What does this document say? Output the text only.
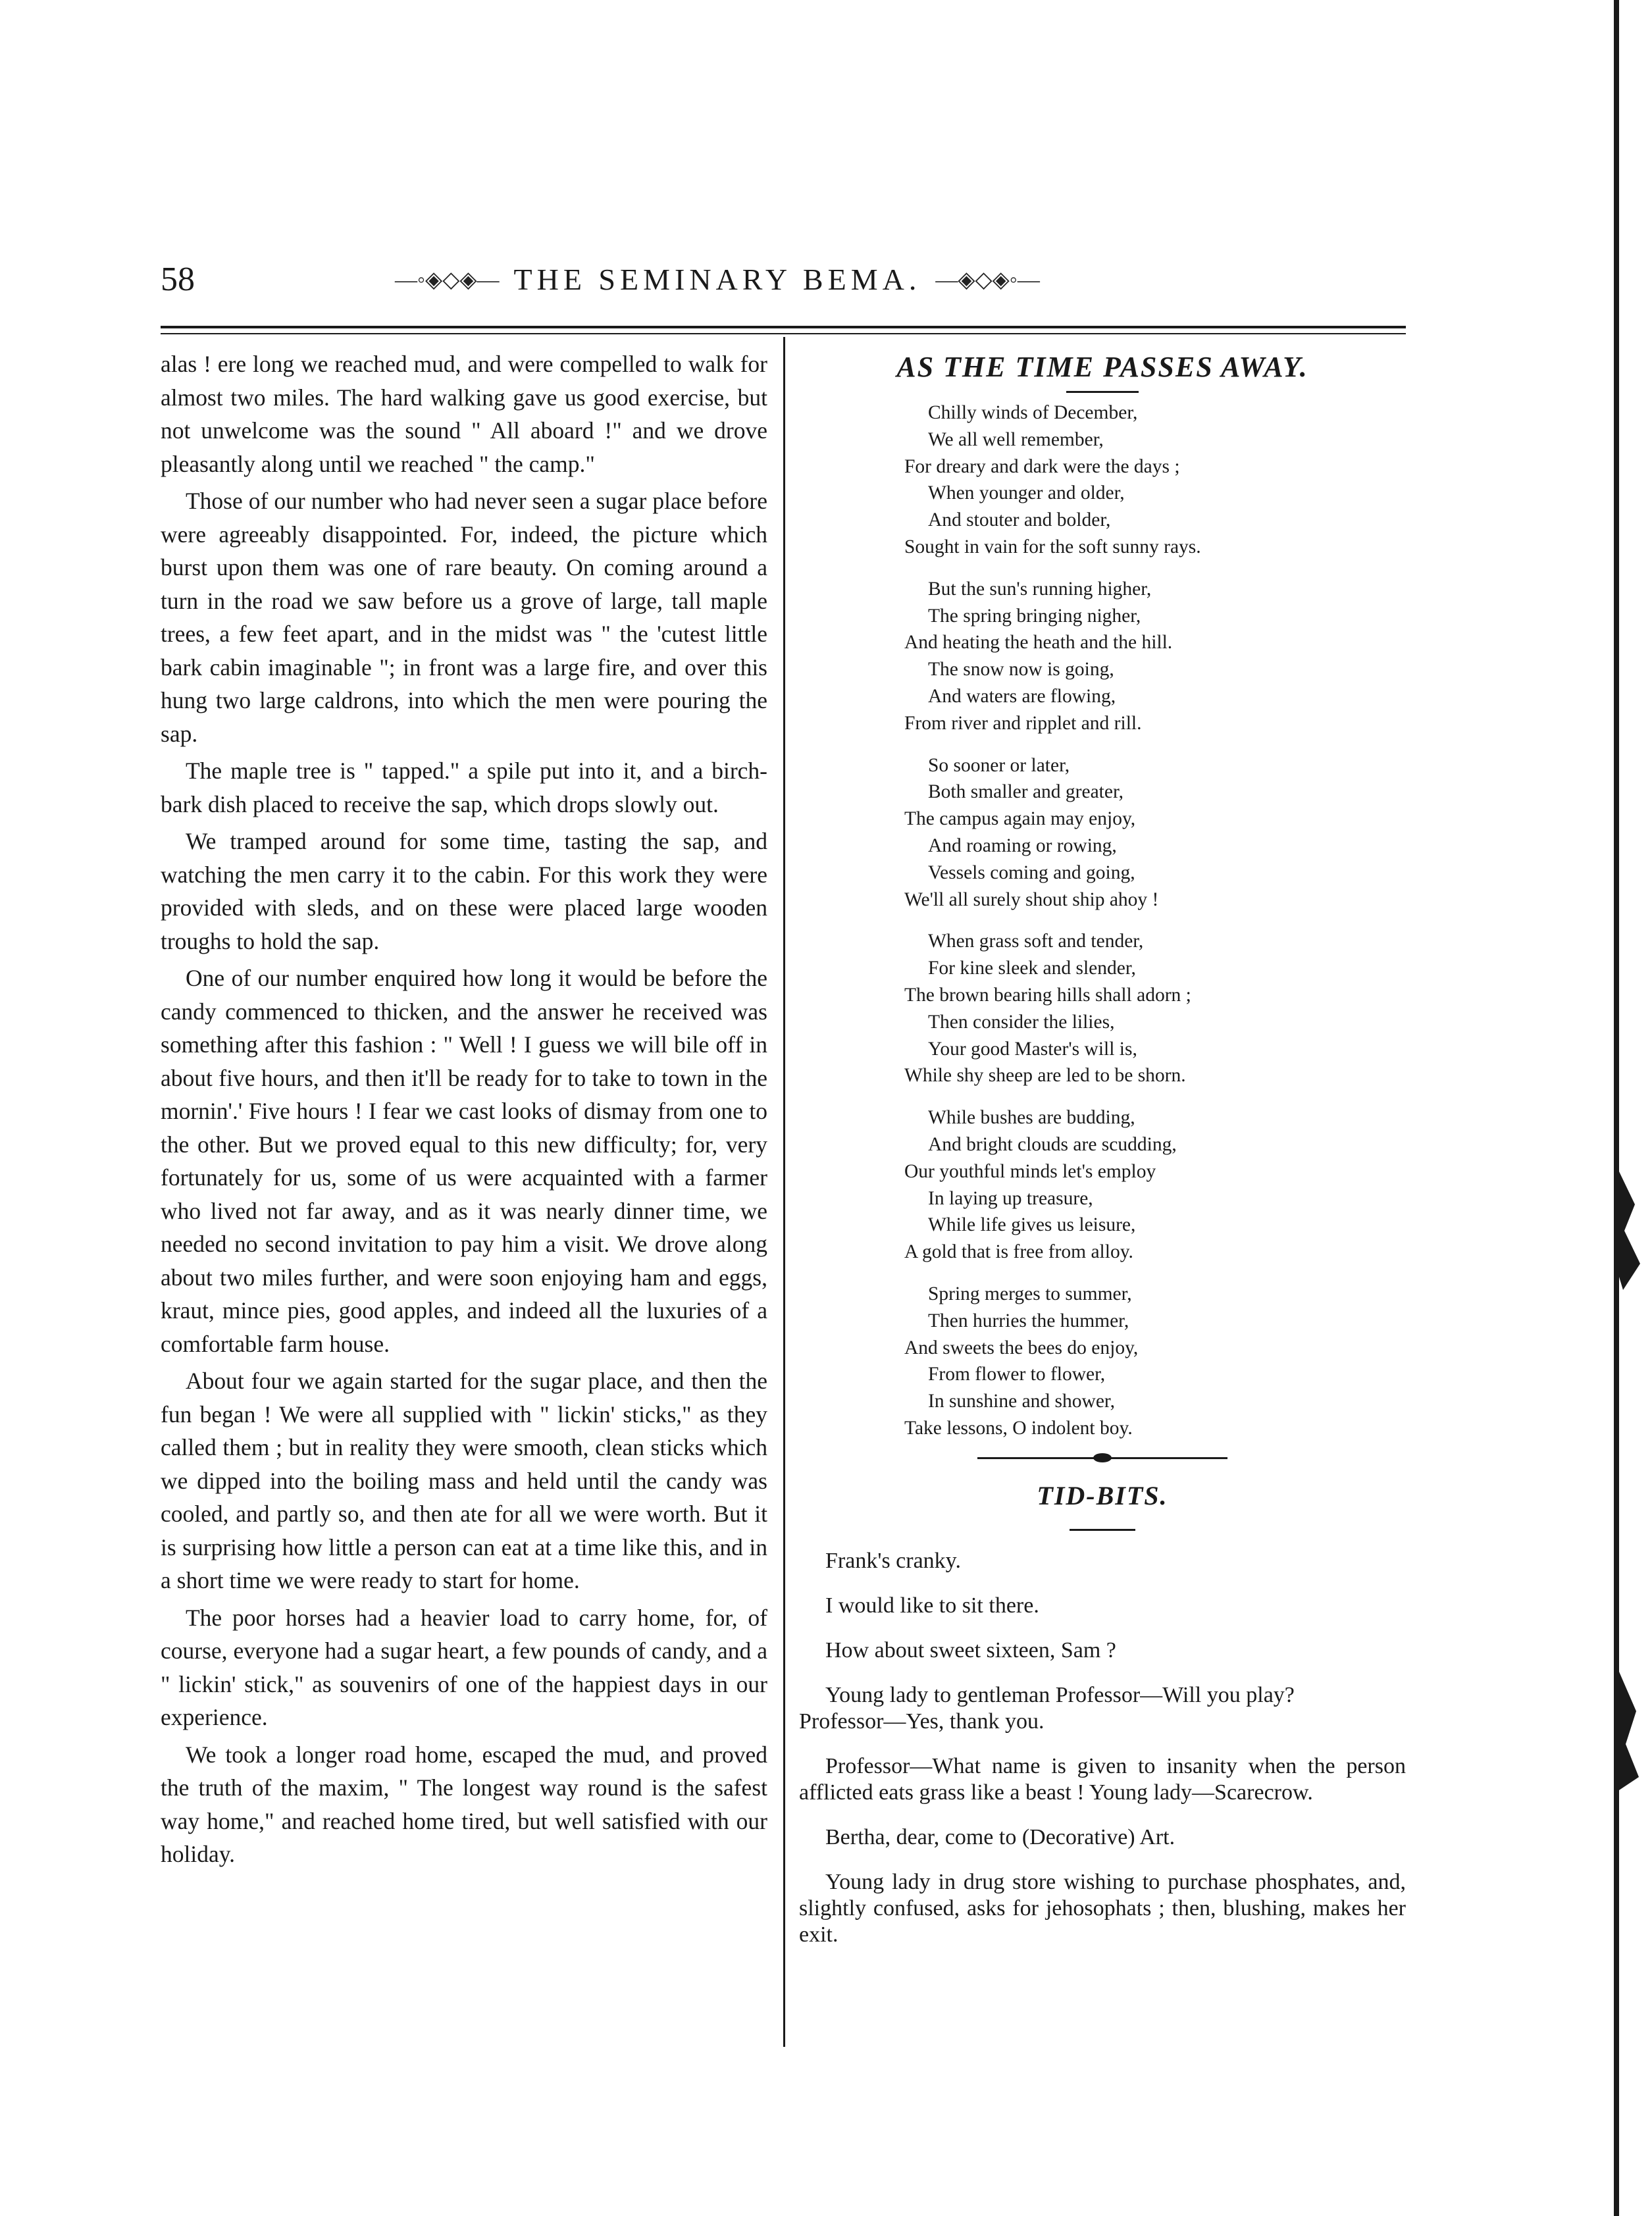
58	—◦◈◇◈— THE SEMINARY BEMA. —◈◇◈◦—

alas ! ere long we reached mud, and were compelled to walk for almost two miles. The hard walking gave us good exercise, but not unwelcome was the sound " All aboard !" and we drove pleasantly along until we reached " the camp."

Those of our number who had never seen a sugar place before were agreeably disappointed. For, indeed, the picture which burst upon them was one of rare beauty. On coming around a turn in the road we saw before us a grove of large, tall maple trees, a few feet apart, and in the midst was " the 'cutest little bark cabin imaginable "; in front was a large fire, and over this hung two large caldrons, into which the men were pouring the sap.

The maple tree is " tapped." a spile put into it, and a birch-bark dish placed to receive the sap, which drops slowly out.

We tramped around for some time, tasting the sap, and watching the men carry it to the cabin. For this work they were provided with sleds, and on these were placed large wooden troughs to hold the sap.

One of our number enquired how long it would be before the candy commenced to thicken, and the answer he received was something after this fashion : " Well ! I guess we will bile off in about five hours, and then it'll be ready for to take to town in the mornin'.' Five hours ! I fear we cast looks of dismay from one to the other. But we proved equal to this new difficulty; for, very fortunately for us, some of us were acquainted with a farmer who lived not far away, and as it was nearly dinner time, we needed no second invitation to pay him a visit. We drove along about two miles further, and were soon enjoying ham and eggs, kraut, mince pies, good apples, and indeed all the luxuries of a comfortable farm house.

About four we again started for the sugar place, and then the fun began ! We were all supplied with " lickin' sticks," as they called them ; but in reality they were smooth, clean sticks which we dipped into the boiling mass and held until the candy was cooled, and partly so, and then ate for all we were worth. But it is surprising how little a person can eat at a time like this, and in a short time we were ready to start for home.

The poor horses had a heavier load to carry home, for, of course, everyone had a sugar heart, a few pounds of candy, and a " lickin' stick," as souvenirs of one of the happiest days in our experience.

We took a longer road home, escaped the mud, and proved the truth of the maxim, " The longest way round is the safest way home," and reached home tired, but well satisfied with our holiday.

AS THE TIME PASSES AWAY.
Chilly winds of December,
We all well remember,
For dreary and dark were the days ;
When younger and older,
And stouter and bolder,
Sought in vain for the soft sunny rays.
But the sun's running higher,
The spring bringing nigher,
And heating the heath and the hill.
The snow now is going,
And waters are flowing,
From river and ripplet and rill.
So sooner or later,
Both smaller and greater,
The campus again may enjoy,
And roaming or rowing,
Vessels coming and going,
We'll all surely shout ship ahoy !
When grass soft and tender,
For kine sleek and slender,
The brown bearing hills shall adorn ;
Then consider the lilies,
Your good Master's will is,
While shy sheep are led to be shorn.
While bushes are budding,
And bright clouds are scudding,
Our youthful minds let's employ
In laying up treasure,
While life gives us leisure,
A gold that is free from alloy.
Spring merges to summer,
Then hurries the hummer,
And sweets the bees do enjoy,
From flower to flower,
In sunshine and shower,
Take lessons, O indolent boy.
TID-BITS.

Frank's cranky.

I would like to sit there.

How about sweet sixteen, Sam ?

Young lady to gentleman Professor—Will you play?
Professor—Yes, thank you.

Professor—What name is given to insanity when the person afflicted eats grass like a beast ! Young lady—Scarecrow.

Bertha, dear, come to (Decorative) Art.

Young lady in drug store wishing to purchase phosphates, and, slightly confused, asks for jehosophats ; then, blushing, makes her exit.
